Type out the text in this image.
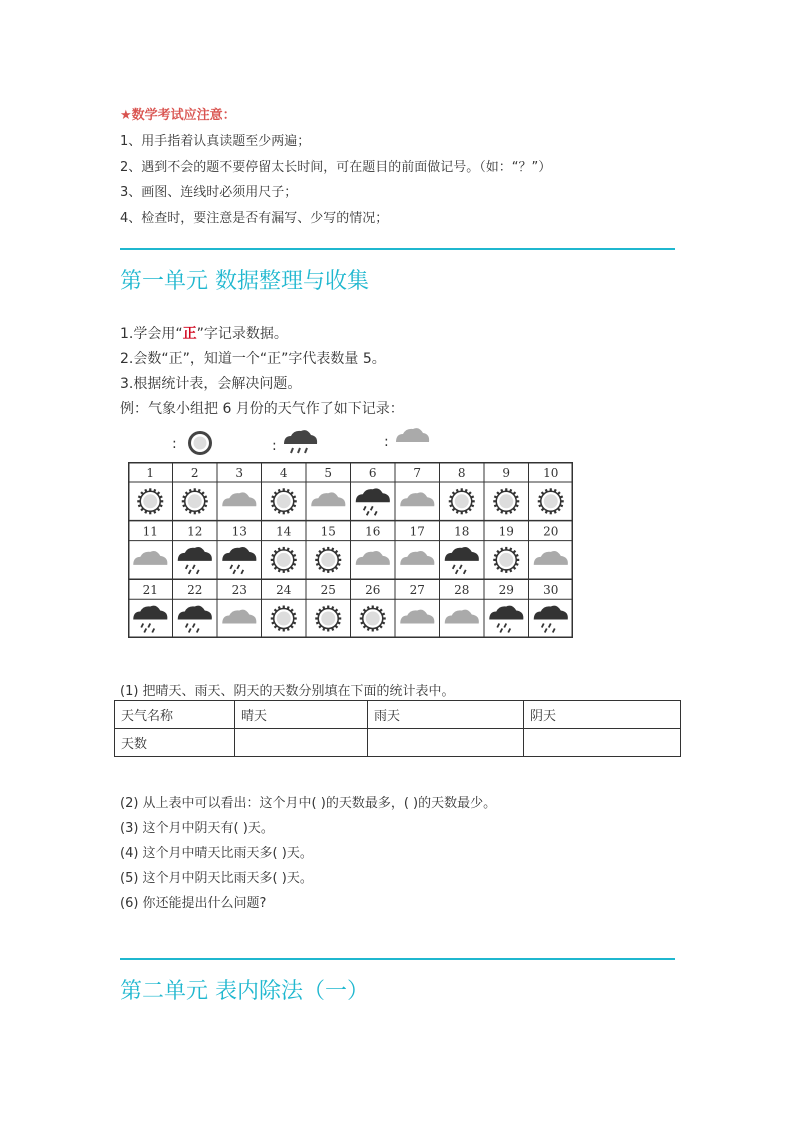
★数学考试应注意：
1、用手指着认真读题至少两遍；
2、遇到不会的题不要停留太长时间，可在题目的前面做记号。（如：“？”）
3、画图、连线时必须用尺子；
4、检查时，要注意是否有漏写、少写的情况；
第一单元 数据整理与收集
1.学会用“正”字记录数据。
2.会数“正”，知道一个“正”字代表数量 5。
3.根据统计表，会解决问题。
例：气象小组把 6 月份的天气作了如下记录：
:	:	:
1	2	3	4	5	6	7	8	9	10
11 12 13 14 15 16 17 18 19 20
21 22 23 24 25 26 27 28 29 30
(1) 把晴天、雨天、阴天的天数分别填在下面的统计表中。
天气名称	晴天	雨天	阴天
天数			
(2) 从上表中可以看出：这个月中( )的天数最多，( )的天数最少。
(3) 这个月中阴天有( )天。
(4) 这个月中晴天比雨天多( )天。
(5) 这个月中阴天比雨天多( )天。
(6) 你还能提出什么问题?
第二单元 表内除法（一）
